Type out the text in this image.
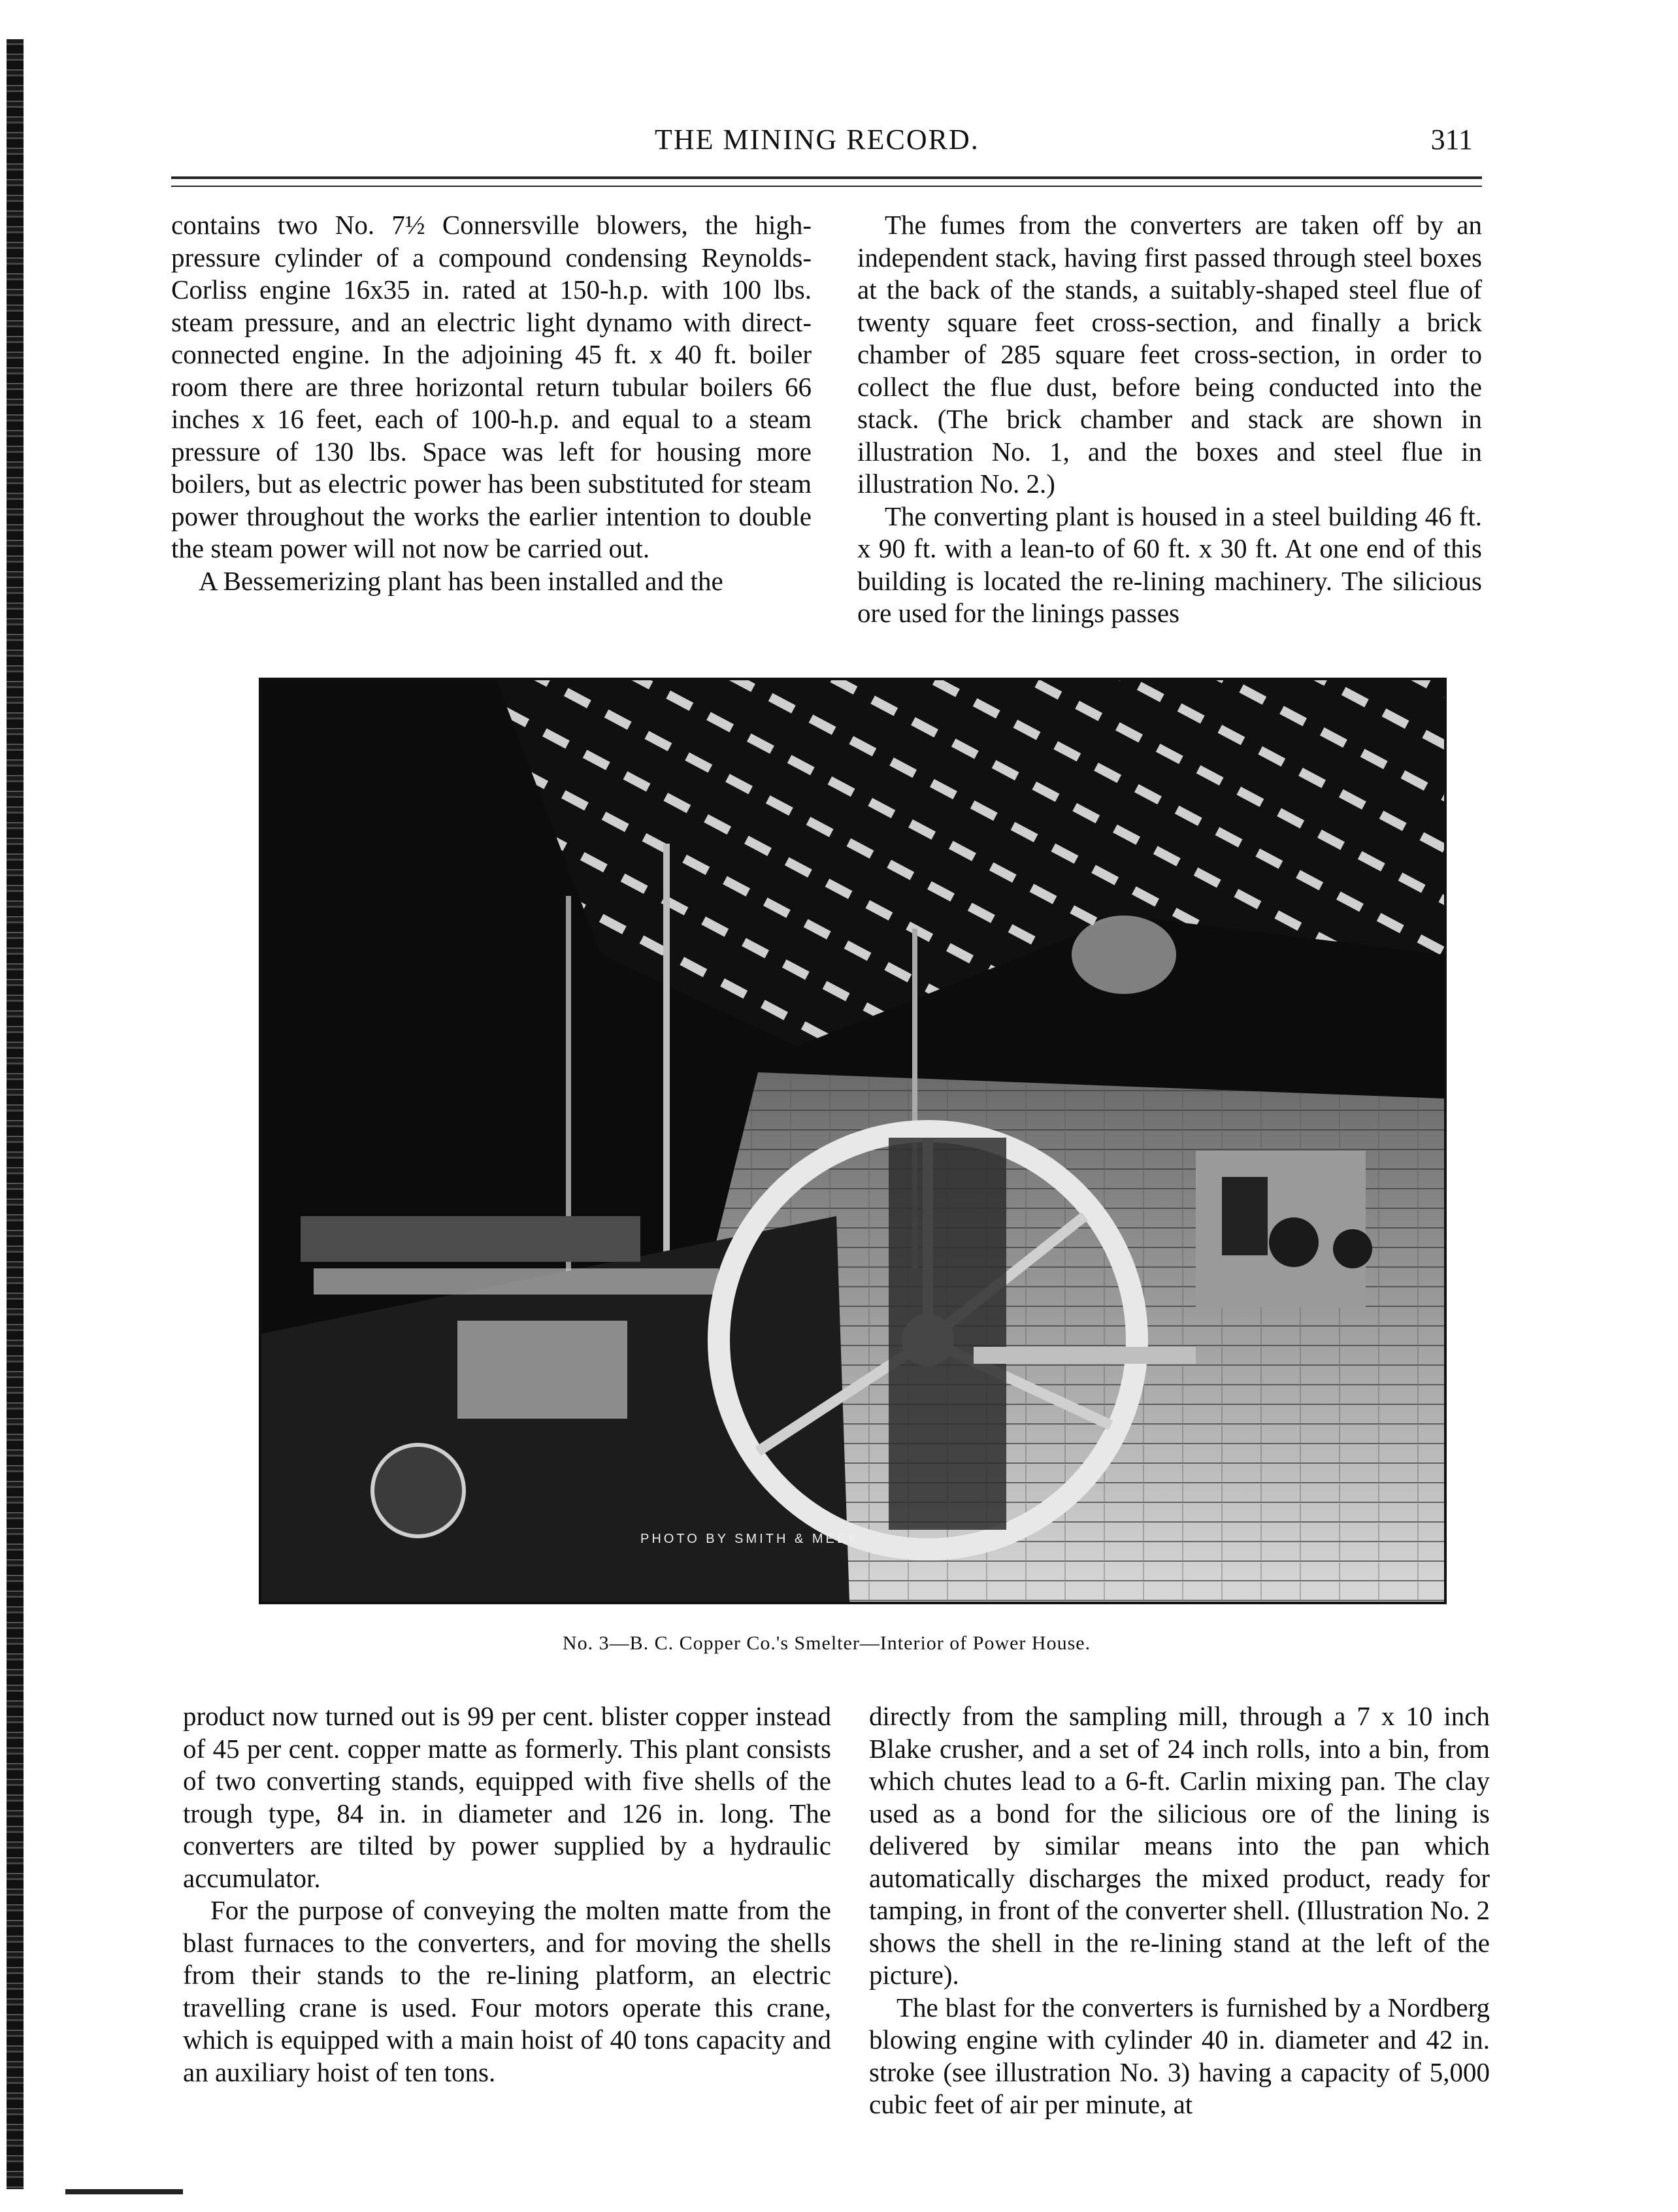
THE MINING RECORD.	311

contains two No. 7½ Connersville blowers, the high-pressure cylinder of a compound condensing Reynolds-Corliss engine 16x35 in. rated at 150-h.p. with 100 lbs. steam pressure, and an electric light dynamo with direct-connected engine. In the adjoining 45 ft. x 40 ft. boiler room there are three horizontal return tubular boilers 66 inches x 16 feet, each of 100-h.p. and equal to a steam pressure of 130 lbs. Space was left for housing more boilers, but as electric power has been substituted for steam power throughout the works the earlier intention to double the steam power will not now be carried out.

A Bessemerizing plant has been installed and the

The fumes from the converters are taken off by an independent stack, having first passed through steel boxes at the back of the stands, a suitably-shaped steel flue of twenty square feet cross-section, and finally a brick chamber of 285 square feet cross-section, in order to collect the flue dust, before being conducted into the stack. (The brick chamber and stack are shown in illustration No. 1, and the boxes and steel flue in illustration No. 2.)

The converting plant is housed in a steel building 46 ft. x 90 ft. with a lean-to of 60 ft. x 30 ft. At one end of this building is located the re-lining machinery. The silicious ore used for the linings passes

PHOTO BY SMITH & MEEK
No. 3—B. C. Copper Co.'s Smelter—Interior of Power House.

product now turned out is 99 per cent. blister copper instead of 45 per cent. copper matte as formerly. This plant consists of two converting stands, equipped with five shells of the trough type, 84 in. in diameter and 126 in. long. The converters are tilted by power supplied by a hydraulic accumulator.

For the purpose of conveying the molten matte from the blast furnaces to the converters, and for moving the shells from their stands to the re-lining platform, an electric travelling crane is used. Four motors operate this crane, which is equipped with a main hoist of 40 tons capacity and an auxiliary hoist of ten tons.

directly from the sampling mill, through a 7 x 10 inch Blake crusher, and a set of 24 inch rolls, into a bin, from which chutes lead to a 6-ft. Carlin mixing pan. The clay used as a bond for the silicious ore of the lining is delivered by similar means into the pan which automatically discharges the mixed product, ready for tamping, in front of the converter shell. (Illustration No. 2 shows the shell in the re-lining stand at the left of the picture).

The blast for the converters is furnished by a Nordberg blowing engine with cylinder 40 in. diameter and 42 in. stroke (see illustration No. 3) having a capacity of 5,000 cubic feet of air per minute, at
